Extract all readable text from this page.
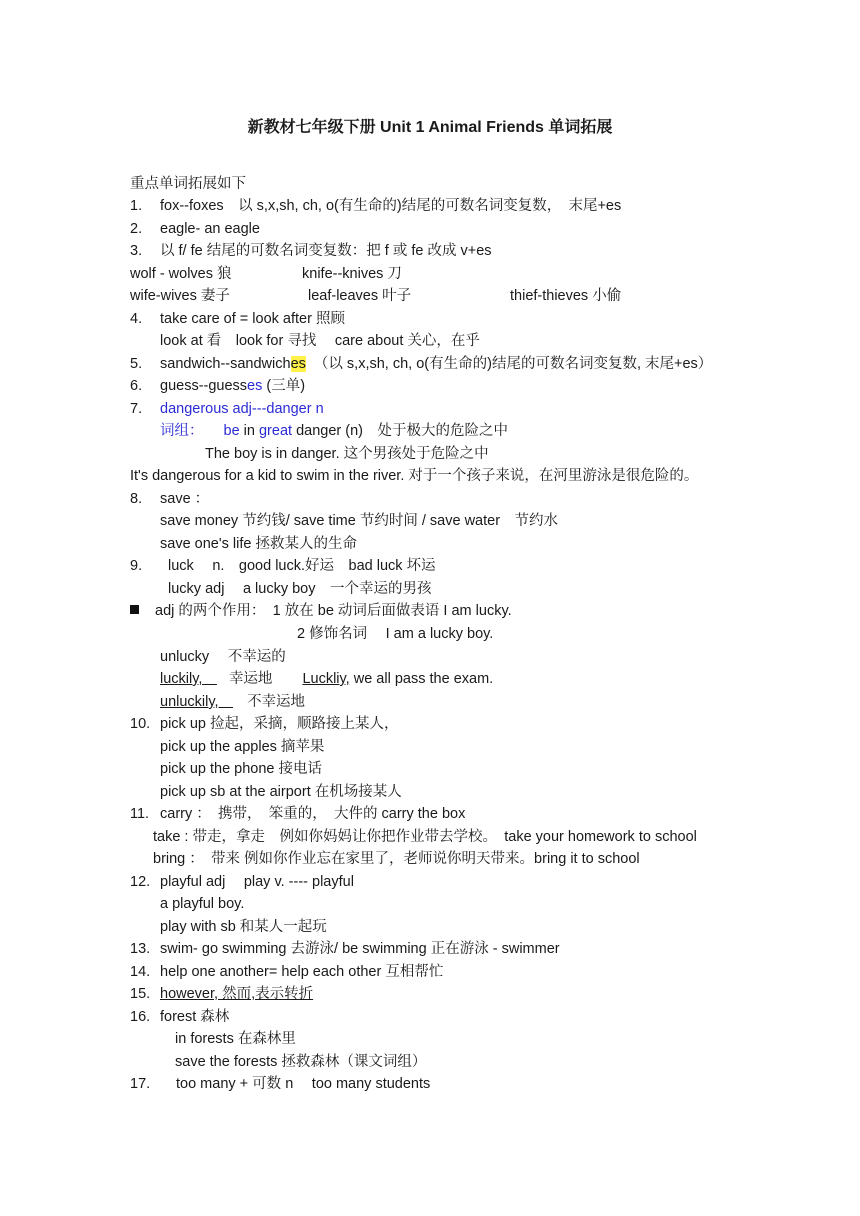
新教材七年级下册 Unit 1 Animal Friends 单词拓展
重点单词拓展如下
1. fox--foxes　以 s,x,sh, ch, o(有生命的)结尾的可数名词变复数，　末尾+es
2. eagle- an eagle
3. 以 f/ fe 结尾的可数名词变复数：把 f 或 fe 改成 v+es
wolf - wolves 狼	knife--knives 刀
wife-wives 妻子	leaf-leaves 叶子	thief-thieves 小偷
4. take care of = look after 照顾
look at 看　look for 寻找　 care about 关心，在乎
5. sandwich--sandwiches （以 s,x,sh, ch, o(有生命的)结尾的可数名词变复数, 末尾+es）
6. guess--guesses (三单)
7. dangerous adj---danger n
词组： be in great danger (n)　处于极大的危险之中
The boy is in danger. 这个男孩处于危险之中
It's dangerous for a kid to swim in the river. 对于一个孩子来说，在河里游泳是很危险的。
8. save ：
save money 节约钱/ save time 节约时间 / save water　节约水
save one's life 拯救某人的生命
9. luck　 n.　good luck.好运　bad luck 坏运
lucky adj　 a lucky boy　一个幸运的男孩
adj 的两个作用：　1 放在 be 动词后面做表语 I am lucky.
2 修饰名词　 I am a lucky boy.
unlucky　 不幸运的
luckily,　幸运地 Luckliy, we all pass the exam.
unluckily,　不幸运地
10. pick up 捡起，采摘，顺路接上某人，
pick up the apples 摘苹果
pick up the phone 接电话
pick up sb at the airport 在机场接某人
11. carry ：　携带，　笨重的，　大件的 carry the box
take : 带走，拿走　例如你妈妈让你把作业带去学校。　take your homework to school
bring ：　带来 例如你作业忘在家里了，老师说你明天带来。bring it to school
12. playful adj　 play v. ---- playful
a playful boy.
play with sb 和某人一起玩
13. swim- go swimming 去游泳/ be swimming 正在游泳 - swimmer
14. help one another= help each other 互相帮忙
15. however, 然而,表示转折
16. forest 森林
in forests 在森林里
save the forests 拯救森林（课文词组）
17. too many + 可数 n　 too many students
